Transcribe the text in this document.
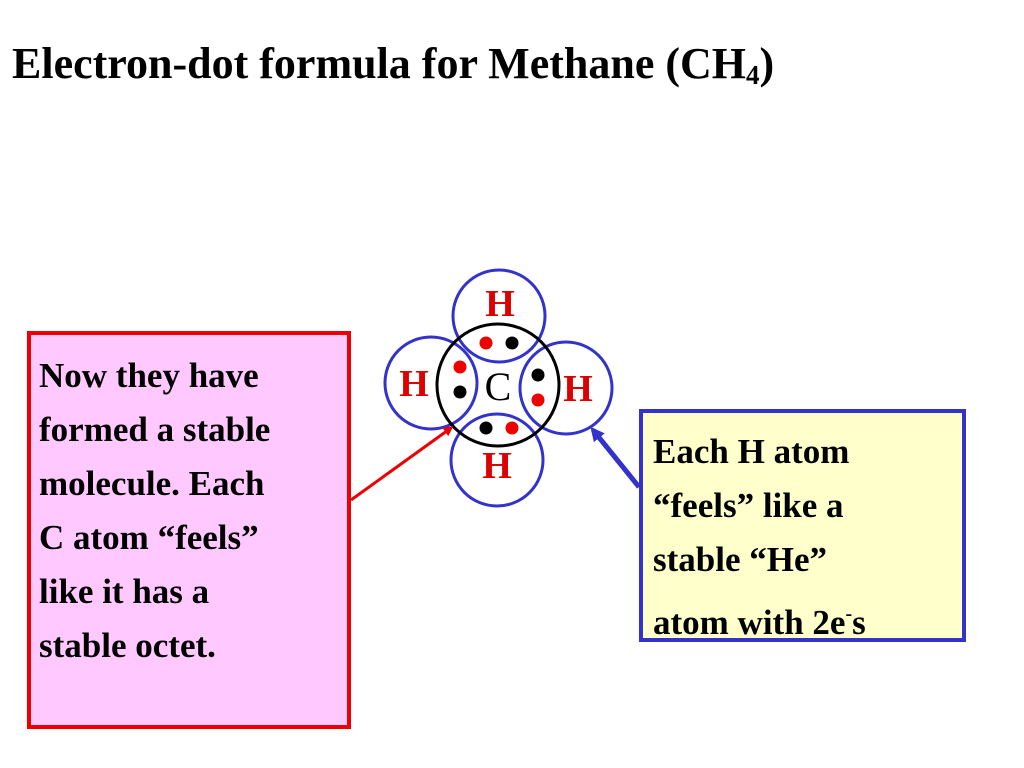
Electron-dot formula for Methane $(CH_4)$
H
H	H
H
C
Now they have
formed a stable
molecule. Each
C atom “feels”
like it has a
stable octet.
Each H atom
“feels” like a
stable “He”
atom with 2e-s
